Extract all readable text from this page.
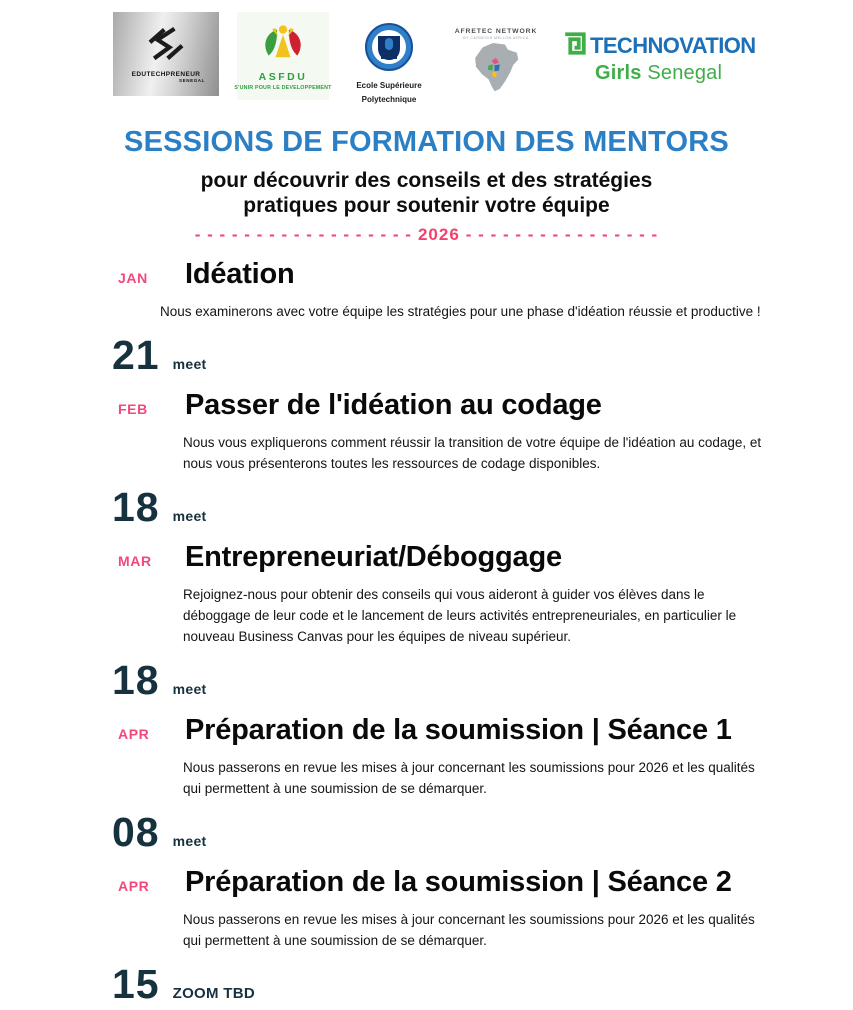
EDUTECHPRENEUR
SENEGAL	ASFDU
S'UNIR POUR LE DEVELOPPEMENT	Ecole Supérieure
Polytechnique
AFRETEC NETWORK
BY CARNEGIE MELLON AFRICA	TECHNOVATION
Girls Senegal
SESSIONS DE FORMATION DES MENTORS
pour découvrir des conseils et des stratégies
pratiques pour soutenir votre équipe
- - - - - - - - - - - - - - - - - - 2026 - - - - - - - - - - - - - - - -
JAN	Idéation
Nous examinerons avec votre équipe les stratégies pour une phase d'idéation réussie et productive !
21 meet
FEB	Passer de l'idéation au codage
Nous vous expliquerons comment réussir la transition de votre équipe de l'idéation au codage, et
nous vous présenterons toutes les ressources de codage disponibles.
18 meet
MAR	Entrepreneuriat/Déboggage
Rejoignez-nous pour obtenir des conseils qui vous aideront à guider vos élèves dans le
déboggage de leur code et le lancement de leurs activités entrepreneuriales, en particulier le
nouveau Business Canvas pour les équipes de niveau supérieur.
18 meet
APR	Préparation de la soumission | Séance 1
Nous passerons en revue les mises à jour concernant les soumissions pour 2026 et les qualités
qui permettent à une soumission de se démarquer.
08 meet
APR	Préparation de la soumission | Séance 2
Nous passerons en revue les mises à jour concernant les soumissions pour 2026 et les qualités
qui permettent à une soumission de se démarquer.
15 ZOOM TBD
